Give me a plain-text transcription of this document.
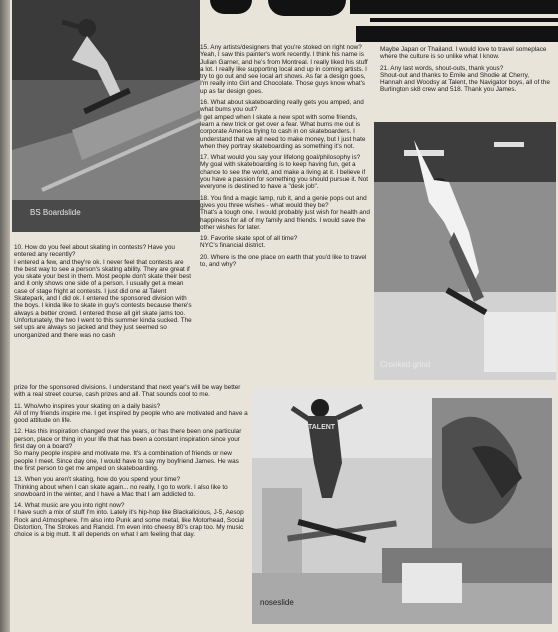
BS Boardslide

15. Any artists/designers that you're stoked on right now?
Yeah, I saw this painter's work recently. I think his name is Julian Garner, and he's from Montreal. I really liked his stuff a lot. I really like supporting local and up in coming artists. I try to go out and see local art shows. As far a design goes, I'm really into Girl and Chocolate. Those guys know what's up as far design goes.

16. What about skateboarding really gets you amped, and what bums you out?
I get amped when I skate a new spot with some friends, learn a new trick or get over a fear. What bums me out is corporate America trying to cash in on skateboarders. I understand that we all need to make money, but I just hate when they portray skateboarding as something it's not.

17. What would you say your lifelong goal/philosophy is?
My goal with skateboarding is to keep having fun, get a chance to see the world, and make a living at it. I believe if you have a passion for something you should pursue it. Not everyone is destined to have a "desk job".

18. You find a magic lamp, rub it, and a genie pops out and gives you three wishes - what would they be?
That's a tough one. I would probably just wish for health and happiness for all of my family and friends. I would save the other wishes for later.

19. Favorite skate spot of all time?
NYC's financial district.

20. Where is the one place on earth that you'd like to travel to, and why?

Maybe Japan or Thailand. I would love to travel someplace where the culture is so unlike what I know.

21. Any last words, shout-outs, thank yous?
Shout-out and thanks to Emile and Shodie at Cherry, Hannah and Woodsy at Talent, the Navigator boys, all of the Burlington sk8 crew and 518. Thank you James.

Crooked grind

10. How do you feel about skating in contests? Have you entered any recently?
I entered a few, and they're ok. I never feel that contests are the best way to see a person's skating ability. They are great if you skate your best in them. Most people don't skate their best and it only shows one side of a person. I usually get a mean case of stage fright at contests. I just did one at Talent Skatepark, and I did ok. I entered the sponsored division with the boys. I kinda like to skate in guy's contests because there's always a better crowd. I entered those all girl skate jams too. Unfortunately, the two I went to this summer kinda sucked. The set ups are always so jacked and they just seemed so unorganized and there was no cash

prize for the sponsored divisions. I understand that next year's will be way better with a real street course, cash prizes and all. That sounds cool to me.

11. Who/who inspires your skating on a daily basis?
All of my friends inspire me. I get inspired by people who are motivated and have a good attitude on life.

12. Has this inspiration changed over the years, or has there been one particular person, place or thing in your life that has been a constant inspiration since your first day on a board?
So many people inspire and motivate me. It's a combination of friends or new people I meet. Since day one, I would have to say my boyfriend James. He was the first person to get me amped on skateboarding.

13. When you aren't skating, how do you spend your time?
Thinking about when I can skate again... no really, I go to work. I also like to snowboard in the winter, and I have a Mac that I am addicted to.

14. What music are you into right now?
I have such a mix of stuff I'm into. Lately it's hip-hop like Blackalicious, J-5, Aesop Rock and Atmosphere. I'm also into Punk and some metal, like Motorhead, Social Distortion, The Strokes and Rancid. I'm even into cheesy 80's crap too. My music choice is a big mutt. It all depends on what I am feeling that day.

TALENT
noseslide
